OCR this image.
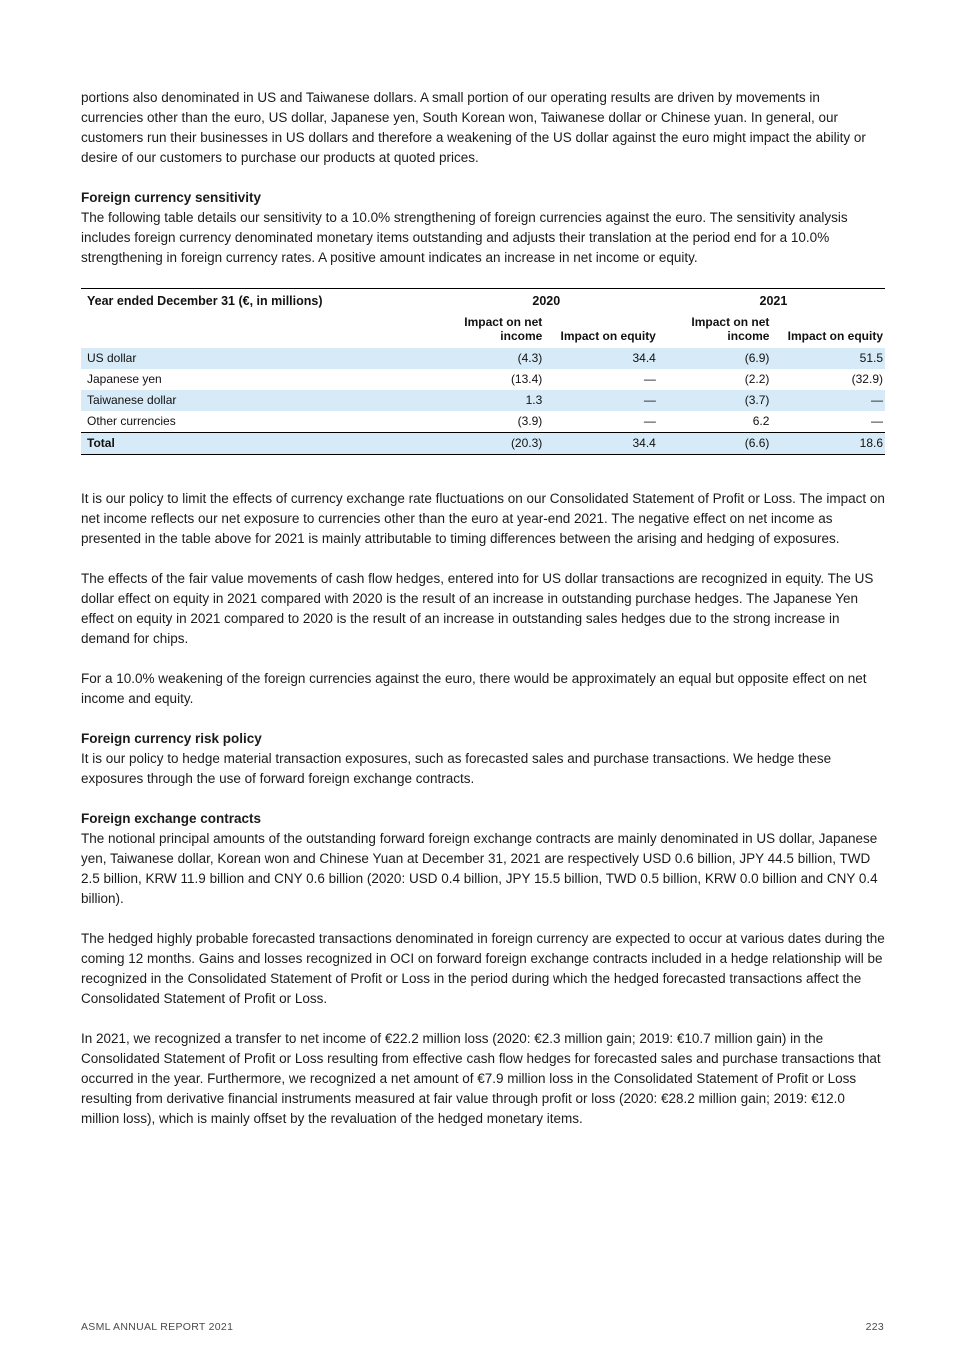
portions also denominated in US and Taiwanese dollars. A small portion of our operating results are driven by movements in currencies other than the euro, US dollar, Japanese yen, South Korean won, Taiwanese dollar or Chinese yuan. In general, our customers run their businesses in US dollars and therefore a weakening of the US dollar against the euro might impact the ability or desire of our customers to purchase our products at quoted prices.

Foreign currency sensitivity

The following table details our sensitivity to a 10.0% strengthening of foreign currencies against the euro. The sensitivity analysis includes foreign currency denominated monetary items outstanding and adjusts their translation at the period end for a 10.0% strengthening in foreign currency rates. A positive amount indicates an increase in net income or equity.

Year ended December 31 (€, in millions)	2020		2021	
	Impact on net income	Impact on equity	Impact on net income	Impact on equity
US dollar	(4.3)	34.4	(6.9)	51.5
Japanese yen	(13.4)	—	(2.2)	(32.9)
Taiwanese dollar	1.3	—	(3.7)	—
Other currencies	(3.9)	—	6.2	—
Total	(20.3)	34.4	(6.6)	18.6

It is our policy to limit the effects of currency exchange rate fluctuations on our Consolidated Statement of Profit or Loss. The impact on net income reflects our net exposure to currencies other than the euro at year-end 2021. The negative effect on net income as presented in the table above for 2021 is mainly attributable to timing differences between the arising and hedging of exposures.

The effects of the fair value movements of cash flow hedges, entered into for US dollar transactions are recognized in equity. The US dollar effect on equity in 2021 compared with 2020 is the result of an increase in outstanding purchase hedges. The Japanese Yen effect on equity in 2021 compared to 2020 is the result of an increase in outstanding sales hedges due to the strong increase in demand for chips.

For a 10.0% weakening of the foreign currencies against the euro, there would be approximately an equal but opposite effect on net income and equity.

Foreign currency risk policy

It is our policy to hedge material transaction exposures, such as forecasted sales and purchase transactions. We hedge these exposures through the use of forward foreign exchange contracts.

Foreign exchange contracts

The notional principal amounts of the outstanding forward foreign exchange contracts are mainly denominated in US dollar, Japanese yen, Taiwanese dollar, Korean won and Chinese Yuan at December 31, 2021 are respectively USD 0.6 billion, JPY 44.5 billion, TWD 2.5 billion, KRW 11.9 billion and CNY 0.6 billion (2020: USD 0.4 billion, JPY 15.5 billion, TWD 0.5 billion, KRW 0.0 billion and CNY 0.4 billion).

The hedged highly probable forecasted transactions denominated in foreign currency are expected to occur at various dates during the coming 12 months. Gains and losses recognized in OCI on forward foreign exchange contracts included in a hedge relationship will be recognized in the Consolidated Statement of Profit or Loss in the period during which the hedged forecasted transactions affect the Consolidated Statement of Profit or Loss.

In 2021, we recognized a transfer to net income of €22.2 million loss (2020: €2.3 million gain; 2019: €10.7 million gain) in the Consolidated Statement of Profit or Loss resulting from effective cash flow hedges for forecasted sales and purchase transactions that occurred in the year. Furthermore, we recognized a net amount of €7.9 million loss in the Consolidated Statement of Profit or Loss resulting from derivative financial instruments measured at fair value through profit or loss (2020: €28.2 million gain; 2019: €12.0 million loss), which is mainly offset by the revaluation of the hedged monetary items.

ASML ANNUAL REPORT 2021	223
